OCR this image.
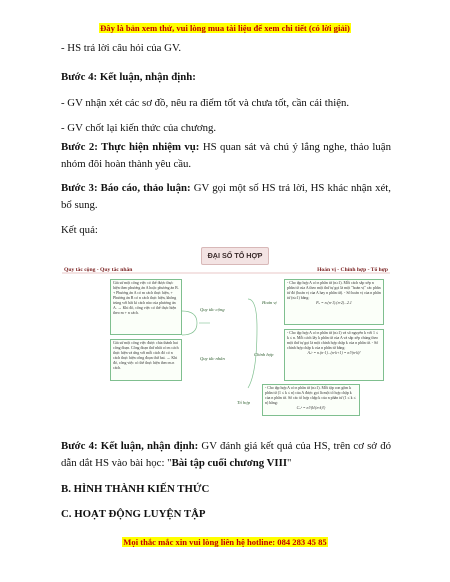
Đây là bản xem thử, vui lòng mua tài liệu để xem chi tiết (có lời giải)
- HS trả lời câu hỏi của GV.
Bước 4: Kết luận, nhận định:
- GV nhận xét các sơ đồ, nêu ra điểm tốt và chưa tốt, cần cải thiện.
- GV chốt lại kiến thức của chương.
Bước 2: Thực hiện nhiệm vụ: HS quan sát và chú ý lắng nghe, thảo luận nhóm đôi hoàn thành yêu cầu.
Bước 3: Báo cáo, thảo luận: GV gọi một số HS trả lời, HS khác nhận xét, bổ sung.
Kết quả:
ĐẠI SỐ TỔ HỢP
Quy tắc cộng - Quy tắc nhân	Hoán vị - Chỉnh hợp - Tổ hợp
Giả sử một công việc có thể được thực hiện theo phương án A hoặc phương án B. + Phương án A có m cách thực hiện, + Phương án B có n cách thực hiện, không trùng với bất kì cách nào của phương án A. → Khi đó, công việc có thể thực hiện theo m + n cách.
Quy tắc cộng
Giả sử một công việc được chia thành hai công đoạn. Công đoạn thứ nhất có m cách thực hiện và ứng với mỗi cách đó có n cách thực hiện công đoạn thứ hai. → Khi đó, công việc có thể thực hiện theo m.n cách.
Quy tắc nhân
Hoán vị
- Cho tập hợp A có n phần tử (n≥1). Mỗi cách sắp xếp n phần tử của A theo một thứ tự gọi là một "hoán vị" các phần tử đó (hoán vị của A hay n phần tử). - Số hoán vị của n phần tử (n≥1) bằng:
Pₙ = n.(n-1).(n-2)...2.1
Chỉnh hợp
- Cho tập hợp A có n phần tử (n≥1) và số nguyên k với 1 ≤ k ≤ n. Mỗi cách lấy k phần tử của A và sắp xếp chúng theo một thứ tự gọi là một chỉnh hợp chập k của n phần tử. - Số chỉnh hợp chập k của n phần tử bằng:
Aₙᵏ = n.(n-1)...(n-k+1) = n!/(n-k)!
Tổ hợp
- Cho tập hợp A có n phần tử (n≥1). Mỗi tập con gồm k phần tử (1 ≤ k ≤ n) của A được gọi là một tổ hợp chập k của n phần tử. Số các tổ hợp chập k của n phần tử (1 ≤ k ≤ n) bằng:
Cₙᵏ = n!/(k!(n-k)!)
Bước 4: Kết luận, nhận định: GV đánh giá kết quả của HS, trên cơ sở đó dẫn dắt HS vào bài học: "Bài tập cuối chương VIII"
B. HÌNH THÀNH KIẾN THỨC
C. HOẠT ĐỘNG LUYỆN TẬP
Mọi thắc mắc xin vui lòng liên hệ hotline: 084 283 45 85
